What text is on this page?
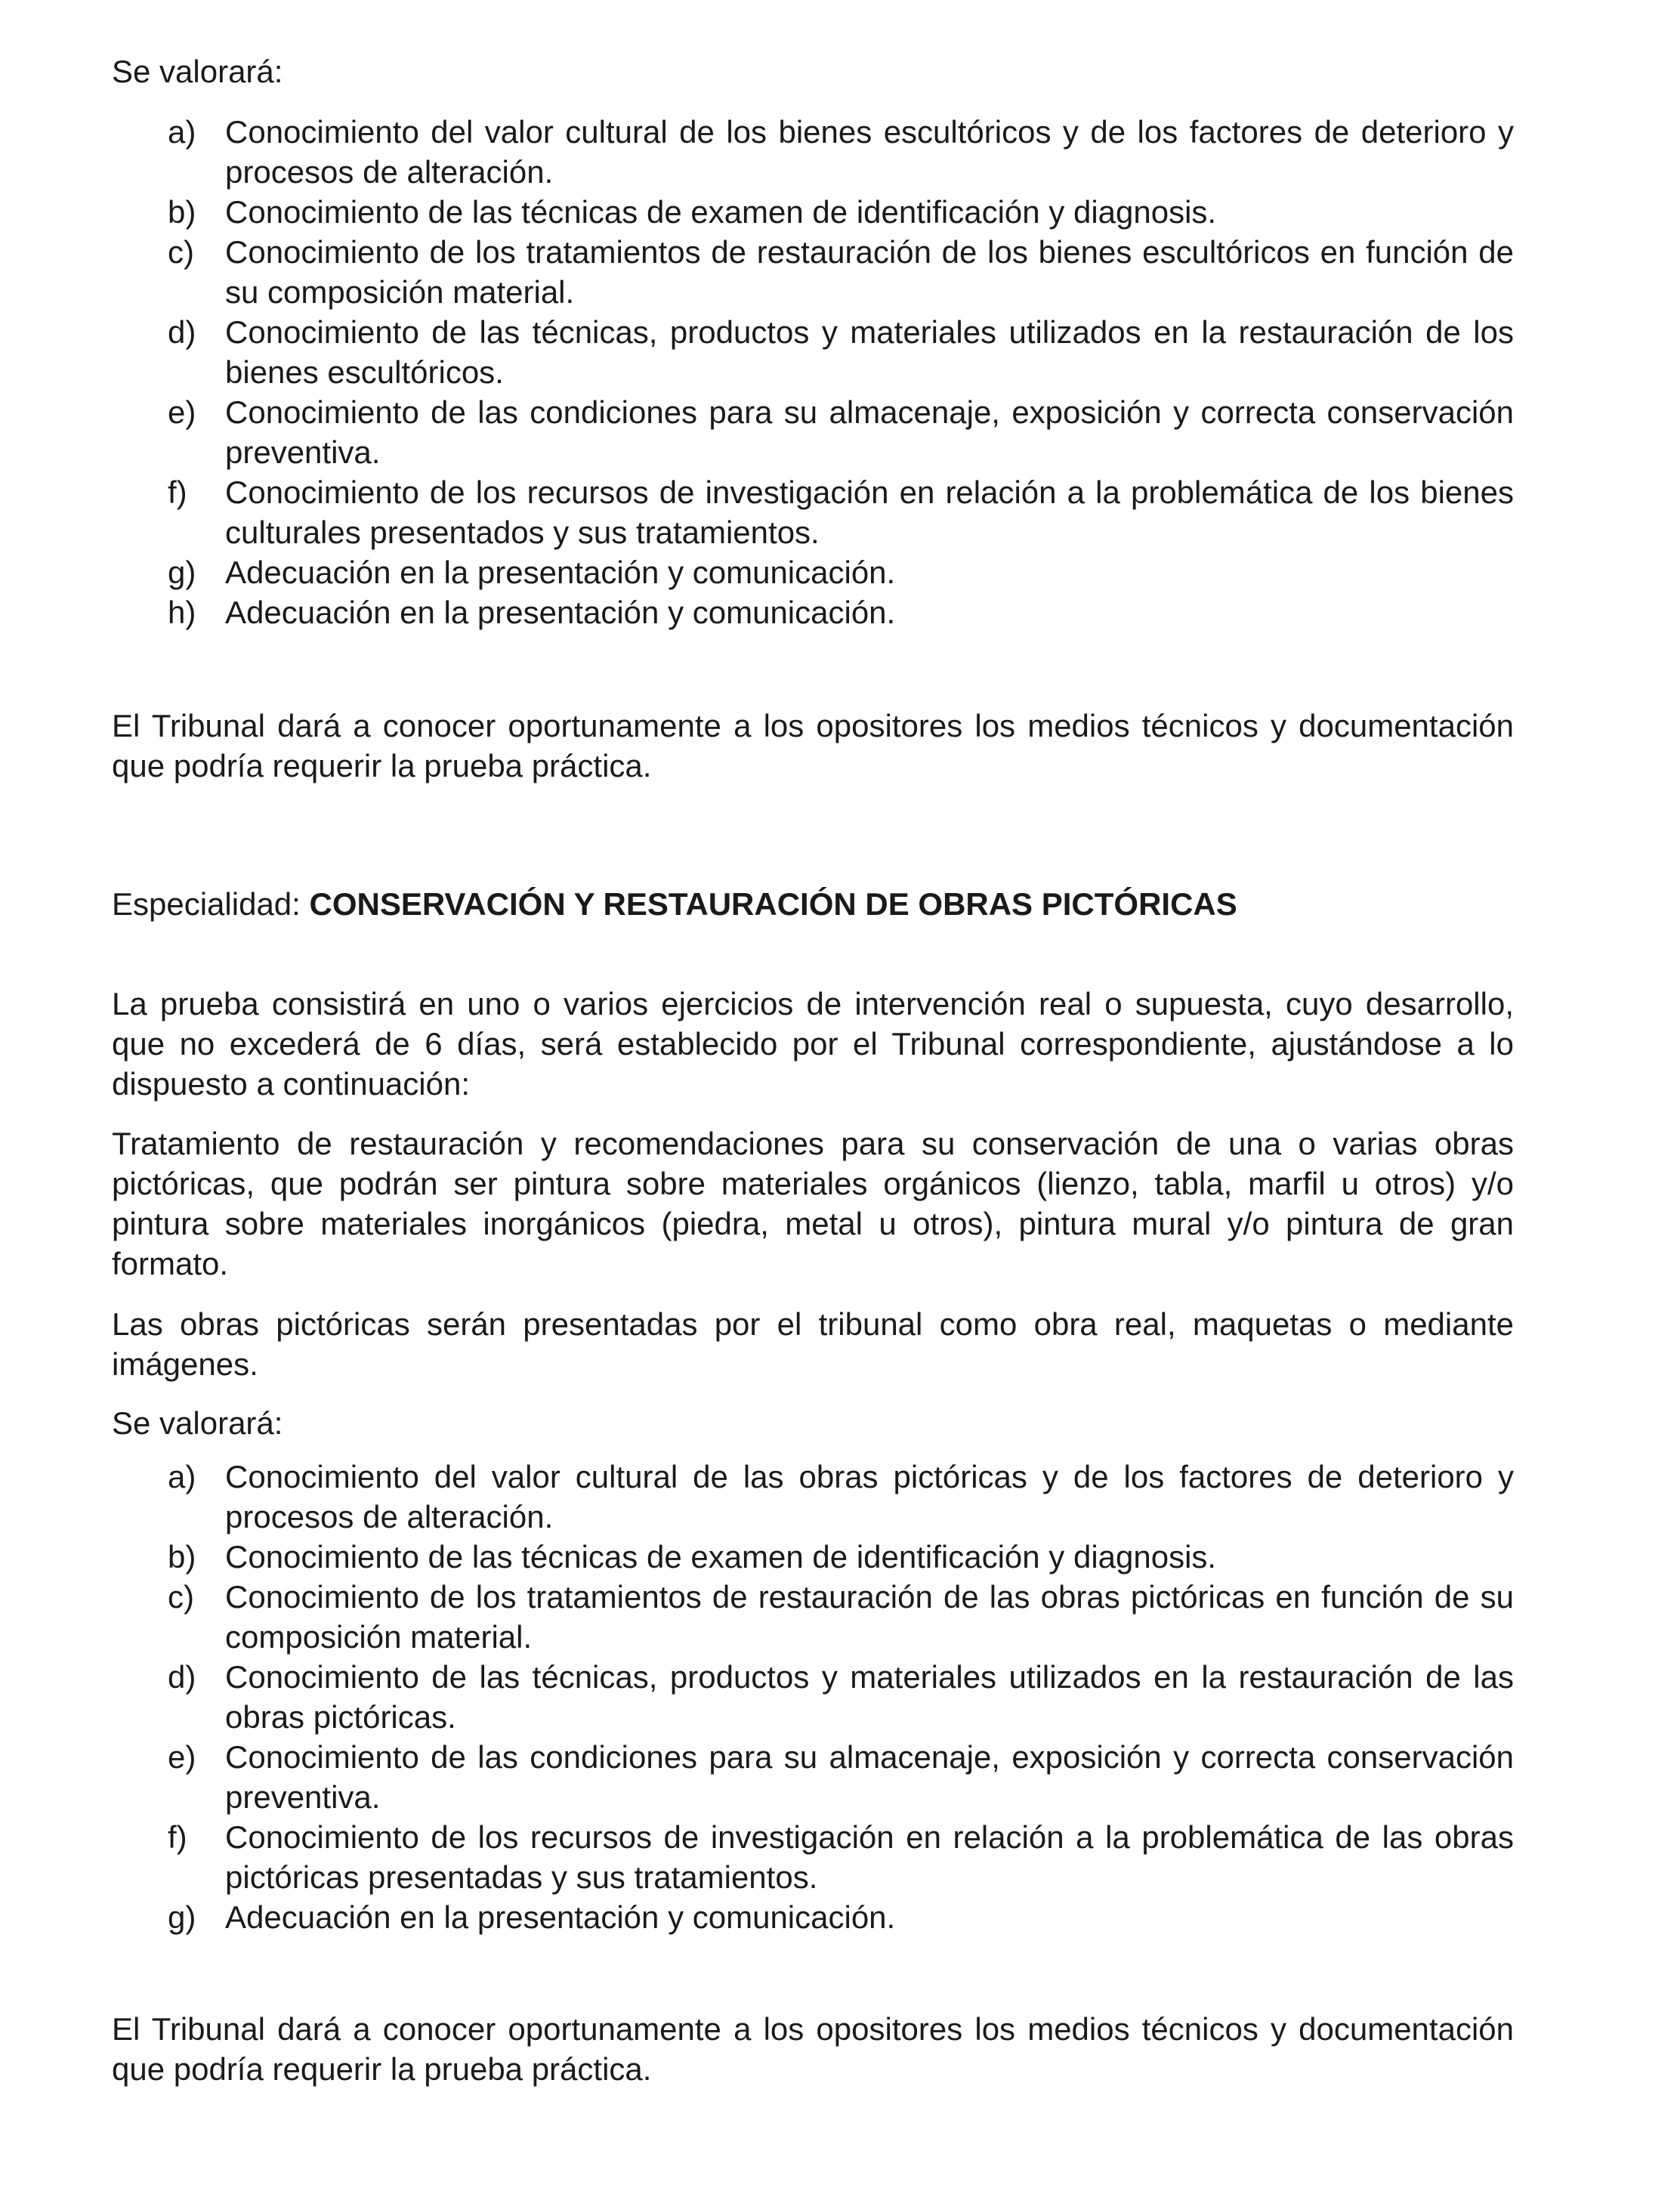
Se valorará:

a) Conocimiento del valor cultural de los bienes escultóricos y de los factores de deterioro y procesos de alteración.
b) Conocimiento de las técnicas de examen de identificación y diagnosis.
c) Conocimiento de los tratamientos de restauración de los bienes escultóricos en función de su composición material.
d) Conocimiento de las técnicas, productos y materiales utilizados en la restauración de los bienes escultóricos.
e) Conocimiento de las condiciones para su almacenaje, exposición y correcta conservación preventiva.
f) Conocimiento de los recursos de investigación en relación a la problemática de los bienes culturales presentados y sus tratamientos.
g) Adecuación en la presentación y comunicación.
h) Adecuación en la presentación y comunicación.

El Tribunal dará a conocer oportunamente a los opositores los medios técnicos y documentación que podría requerir la prueba práctica.

Especialidad: CONSERVACIÓN Y RESTAURACIÓN DE OBRAS PICTÓRICAS

La prueba consistirá en uno o varios ejercicios de intervención real o supuesta, cuyo desarrollo, que no excederá de 6 días, será establecido por el Tribunal correspondiente, ajustándose a lo dispuesto a continuación:

Tratamiento de restauración y recomendaciones para su conservación de una o varias obras pictóricas, que podrán ser pintura sobre materiales orgánicos (lienzo, tabla, marfil u otros) y/o pintura sobre materiales inorgánicos (piedra, metal u otros), pintura mural y/o pintura de gran formato.

Las obras pictóricas serán presentadas por el tribunal como obra real, maquetas o mediante imágenes.

Se valorará:

a) Conocimiento del valor cultural de las obras pictóricas y de los factores de deterioro y procesos de alteración.
b) Conocimiento de las técnicas de examen de identificación y diagnosis.
c) Conocimiento de los tratamientos de restauración de las obras pictóricas en función de su composición material.
d) Conocimiento de las técnicas, productos y materiales utilizados en la restauración de las obras pictóricas.
e) Conocimiento de las condiciones para su almacenaje, exposición y correcta conservación preventiva.
f) Conocimiento de los recursos de investigación en relación a la problemática de las obras pictóricas presentadas y sus tratamientos.
g) Adecuación en la presentación y comunicación.

El Tribunal dará a conocer oportunamente a los opositores los medios técnicos y documentación que podría requerir la prueba práctica.
